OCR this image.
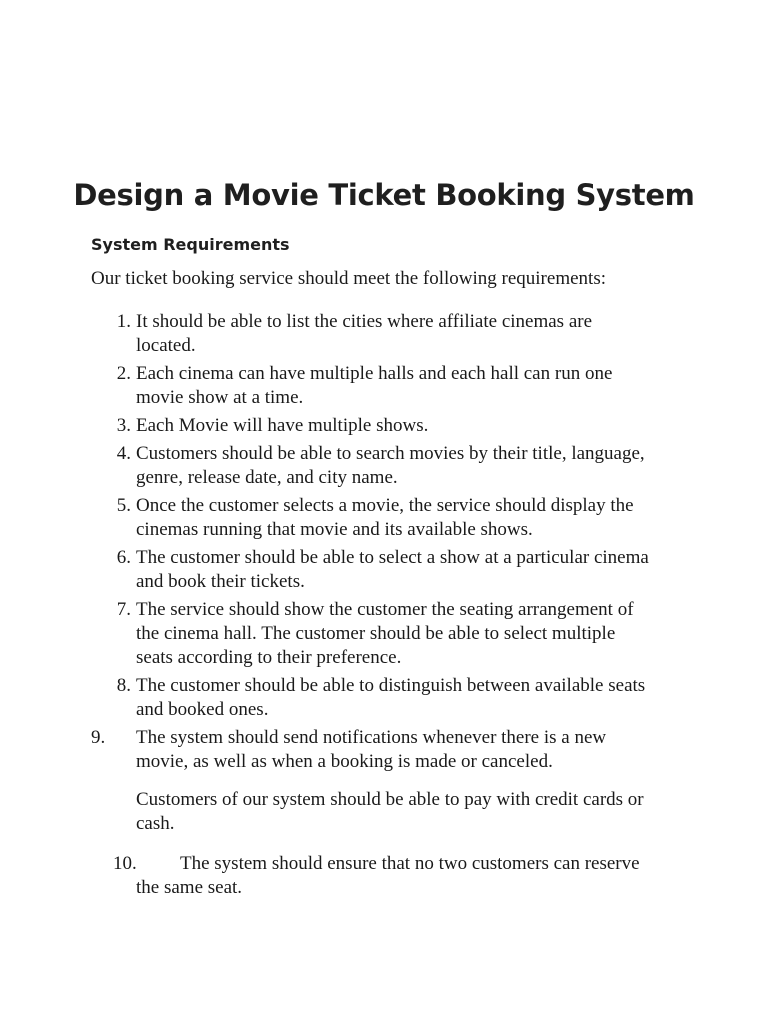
Design a Movie Ticket Booking System
System Requirements

Our ticket booking service should meet the following requirements:

1. It should be able to list the cities where affiliate cinemas are
located.
2. Each cinema can have multiple halls and each hall can run one
movie show at a time.
3. Each Movie will have multiple shows.
4. Customers should be able to search movies by their title, language,
genre, release date, and city name.
5. Once the customer selects a movie, the service should display the
cinemas running that movie and its available shows.
6. The customer should be able to select a show at a particular cinema
and book their tickets.
7. The service should show the customer the seating arrangement of
the cinema hall. The customer should be able to select multiple
seats according to their preference.
8. The customer should be able to distinguish between available seats
and booked ones.
9.	The system should send notifications whenever there is a new
movie, as well as when a booking is made or canceled.

Customers of our system should be able to pay with credit cards or
cash.

10. The system should ensure that no two customers can reserve
the same seat.
